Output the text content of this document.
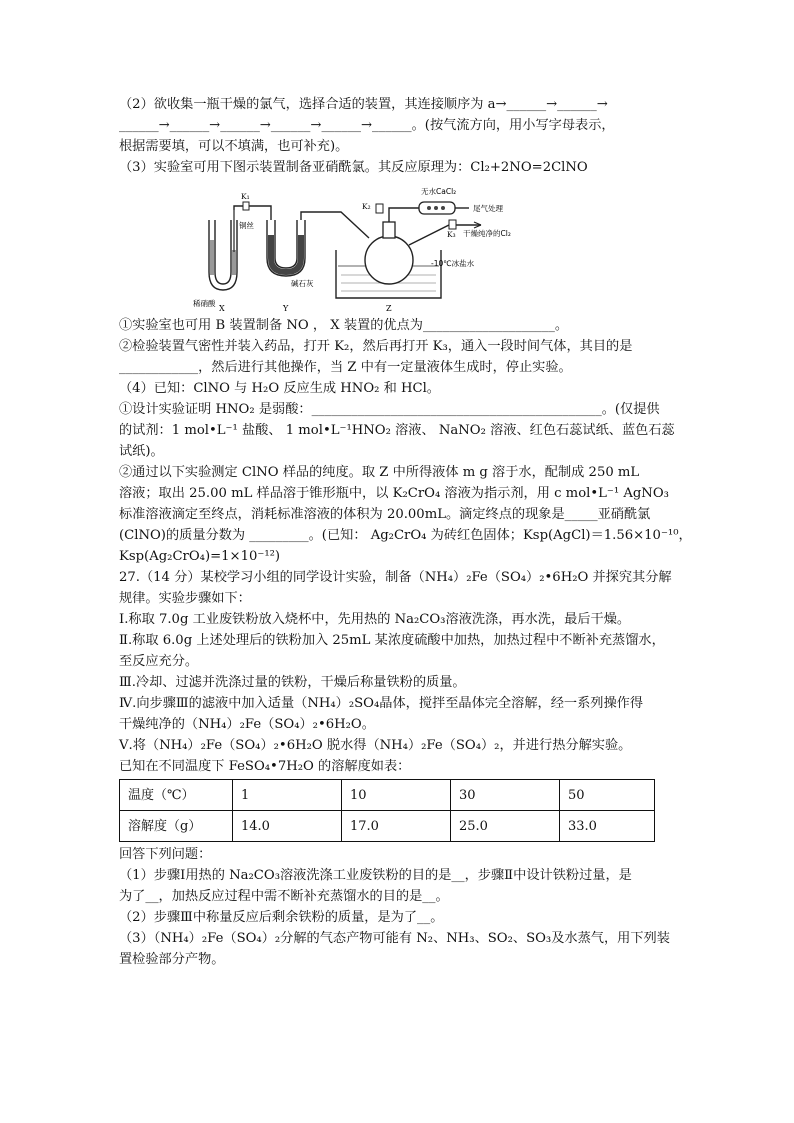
（2）欲收集一瓶干燥的氯气，选择合适的装置，其连接顺序为 a→______→______→
______→______→______→______→______→______。(按气流方向，用小写字母表示，
根据需要填，可以不填满，也可补充)。
（3）实验室可用下图示装置制备亚硝酰氯。其反应原理为：Cl₂+2NO=2ClNO
无水CaCl₂
尾气处理
K₁
K₂
K₃
铜丝
稀硝酸
碱石灰
干燥纯净的Cl₂
-10℃冰盐水
X	Y	Z
①实验室也可用 B 装置制备 NO ， X 装置的优点为____________________。
②检验装置气密性并装入药品，打开 K₂，然后再打开 K₃，通入一段时间气体，其目的是
____________，然后进行其他操作，当 Z 中有一定量液体生成时，停止实验。
（4）已知：ClNO 与 H₂O 反应生成 HNO₂ 和 HCl。
①设计实验证明 HNO₂ 是弱酸：____________________________________________。(仅提供
的试剂：1 mol•L⁻¹ 盐酸、 1 mol•L⁻¹HNO₂ 溶液、 NaNO₂ 溶液、红色石蕊试纸、蓝色石蕊
试纸)。
②通过以下实验测定 ClNO 样品的纯度。取 Z 中所得液体 m g 溶于水，配制成 250 mL
溶液；取出 25.00 mL 样品溶于锥形瓶中，以 K₂CrO₄ 溶液为指示剂，用 c mol•L⁻¹ AgNO₃
标准溶液滴定至终点，消耗标准溶液的体积为 20.00mL。滴定终点的现象是_____亚硝酰氯
(ClNO)的质量分数为 _________。(已知： Ag₂CrO₄ 为砖红色固体；Ksp(AgCl)＝1.56×10⁻¹⁰，
Ksp(Ag₂CrO₄)=1×10⁻¹²)
27.（14 分）某校学习小组的同学设计实验，制备（NH₄）₂Fe（SO₄）₂•6H₂O 并探究其分解
规律。实验步骤如下：
Ⅰ.称取 7.0g 工业废铁粉放入烧杯中，先用热的 Na₂CO₃溶液洗涤，再水洗，最后干燥。
Ⅱ.称取 6.0g 上述处理后的铁粉加入 25mL 某浓度硫酸中加热，加热过程中不断补充蒸馏水，
至反应充分。
Ⅲ.冷却、过滤并洗涤过量的铁粉，干燥后称量铁粉的质量。
Ⅳ.向步骤Ⅲ的滤液中加入适量（NH₄）₂SO₄晶体，搅拌至晶体完全溶解，经一系列操作得
干燥纯净的（NH₄）₂Fe（SO₄）₂•6H₂O。
Ⅴ.将（NH₄）₂Fe（SO₄）₂•6H₂O 脱水得（NH₄）₂Fe（SO₄）₂，并进行热分解实验。
已知在不同温度下 FeSO₄•7H₂O 的溶解度如表：
温度（℃）	1	10	30	50
溶解度（g）	14.0	17.0	25.0	33.0
回答下列问题：
（1）步骤Ⅰ用热的 Na₂CO₃溶液洗涤工业废铁粉的目的是__，步骤Ⅱ中设计铁粉过量，是
为了__，加热反应过程中需不断补充蒸馏水的目的是__。
（2）步骤Ⅲ中称量反应后剩余铁粉的质量，是为了__。
（3）（NH₄）₂Fe（SO₄）₂分解的气态产物可能有 N₂、NH₃、SO₂、SO₃及水蒸气，用下列装
置检验部分产物。
